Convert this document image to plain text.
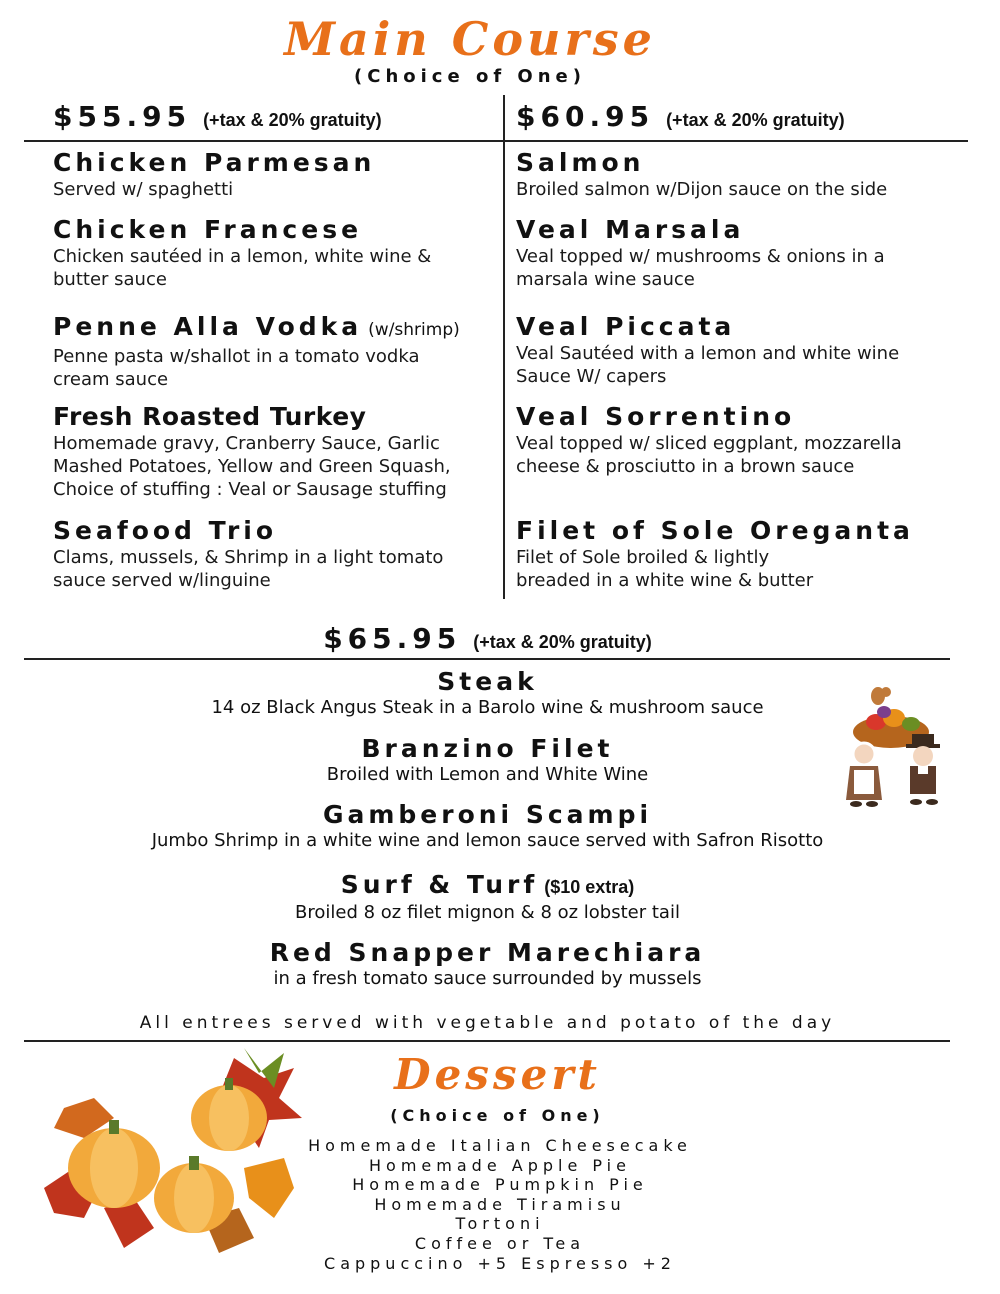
Main Course
(Choice of One)
$55.95 (+tax & 20% gratuity)	$60.95 (+tax & 20% gratuity)
Chicken Parmesan
Served w/ spaghetti
Chicken Francese
Chicken sautéed in a lemon, white wine & butter sauce
Penne Alla Vodka (w/shrimp)
Penne pasta w/shallot in a tomato vodka cream sauce
Fresh Roasted Turkey
Homemade gravy, Cranberry Sauce, Garlic Mashed Potatoes, Yellow and Green Squash, Choice of stuffing : Veal or Sausage stuffing
Seafood Trio
Clams, mussels, & Shrimp in a light tomato sauce served w/linguine
Salmon
Broiled salmon w/Dijon sauce on the side
Veal Marsala
Veal topped w/ mushrooms & onions in a marsala wine sauce
Veal Piccata
Veal Sautéed with a lemon and white wine Sauce W/ capers
Veal Sorrentino
Veal topped w/ sliced eggplant, mozzarella cheese & prosciutto in a brown sauce
Filet of Sole Oreganta
Filet of Sole broiled & lightly breaded in a white wine & butter
$65.95 (+tax & 20% gratuity)
Steak
14 oz Black Angus Steak in a Barolo wine & mushroom sauce
Branzino Filet
Broiled with Lemon and White Wine
Gamberoni Scampi
Jumbo Shrimp in a white wine and lemon sauce served with Safron Risotto
Surf & Turf ($10 extra)
Broiled 8 oz filet mignon & 8 oz lobster tail
Red Snapper Marechiara
in a fresh tomato sauce surrounded by mussels
All entrees served with vegetable and potato of the day
Dessert
(Choice of One)
Homemade Italian Cheesecake
Homemade Apple Pie
Homemade Pumpkin Pie
Homemade Tiramisu
Tortoni
Coffee or Tea
Cappuccino +5 Espresso +2
